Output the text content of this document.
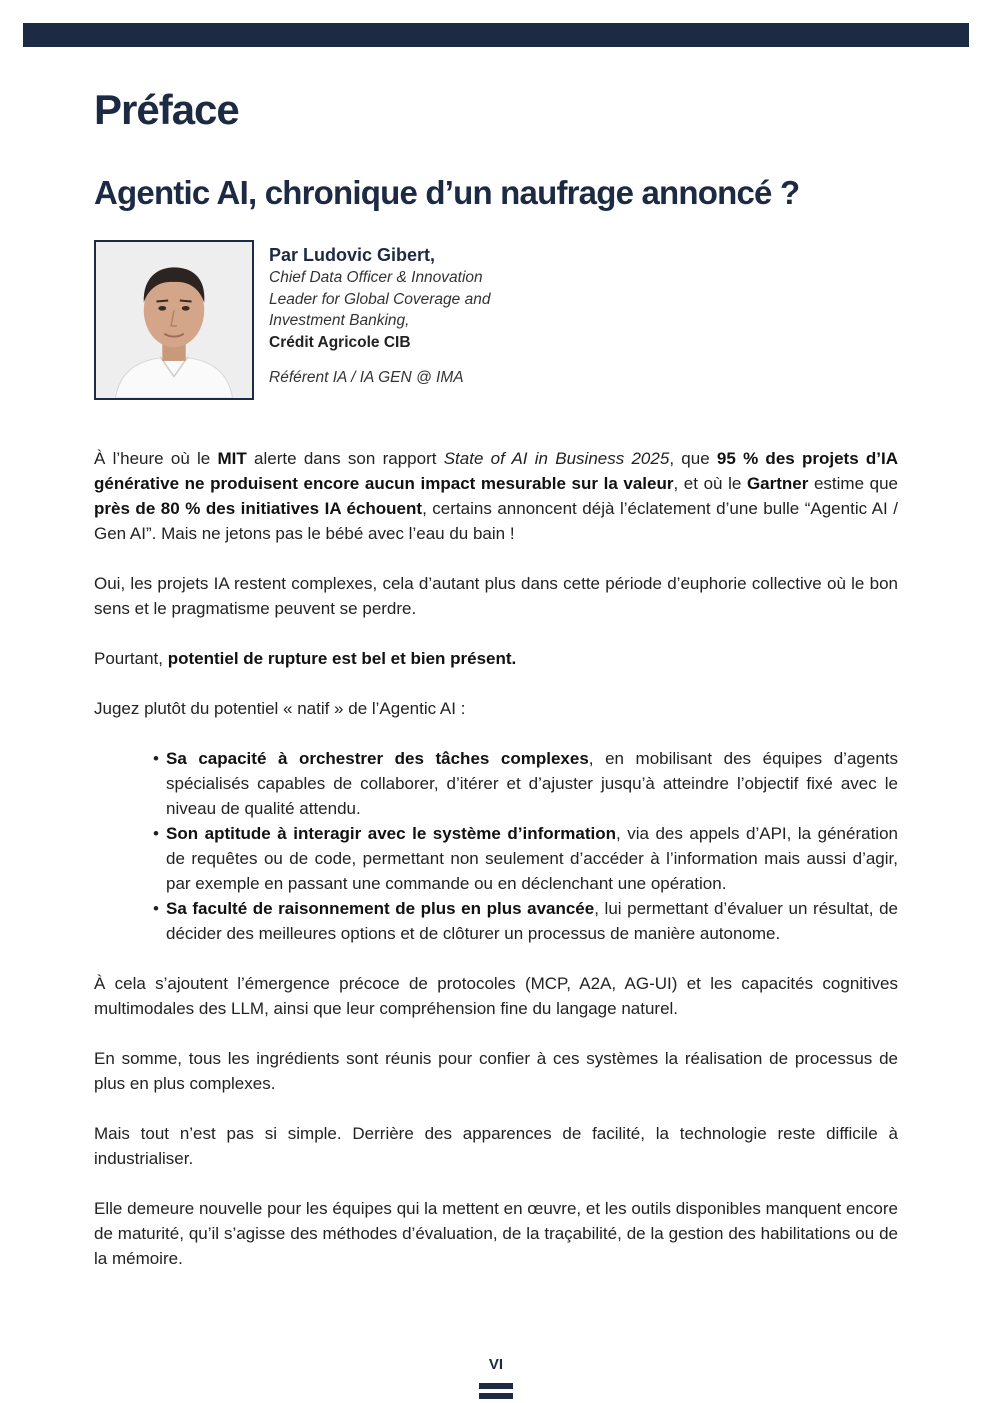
Préface
Agentic AI, chronique d’un naufrage annoncé ?
Par Ludovic Gibert,
Chief Data Officer & Innovation
Leader for Global Coverage and
Investment Banking,
Crédit Agricole CIB
Référent IA / IA GEN @ IMA

À l’heure où le MIT alerte dans son rapport State of AI in Business 2025, que 95 % des projets d’IA générative ne produisent encore aucun impact mesurable sur la valeur, et où le Gartner estime que près de 80 % des initiatives IA échouent, certains annoncent déjà l’éclatement d’une bulle “Agentic AI / Gen AI”. Mais ne jetons pas le bébé avec l’eau du bain !

Oui, les projets IA restent complexes, cela d’autant plus dans cette période d’euphorie collective où le bon sens et le pragmatisme peuvent se perdre.

Pourtant, potentiel de rupture est bel et bien présent.

Jugez plutôt du potentiel « natif » de l’Agentic AI :

• Sa capacité à orchestrer des tâches complexes, en mobilisant des équipes d’agents spécialisés capables de collaborer, d’itérer et d’ajuster jusqu’à atteindre l’objectif fixé avec le niveau de qualité attendu.
• Son aptitude à interagir avec le système d’information, via des appels d’API, la génération de requêtes ou de code, permettant non seulement d’accéder à l’information mais aussi d’agir, par exemple en passant une commande ou en déclenchant une opération.
• Sa faculté de raisonnement de plus en plus avancée, lui permettant d’évaluer un résultat, de décider des meilleures options et de clôturer un processus de manière autonome.

À cela s’ajoutent l’émergence précoce de protocoles (MCP, A2A, AG-UI) et les capacités cognitives multimodales des LLM, ainsi que leur compréhension fine du langage naturel.

En somme, tous les ingrédients sont réunis pour confier à ces systèmes la réalisation de processus de plus en plus complexes.

Mais tout n’est pas si simple. Derrière des apparences de facilité, la technologie reste difficile à industrialiser.

Elle demeure nouvelle pour les équipes qui la mettent en œuvre, et les outils disponibles manquent encore de maturité, qu’il s’agisse des méthodes d’évaluation, de la traçabilité, de la gestion des habilitations ou de la mémoire.

VI
